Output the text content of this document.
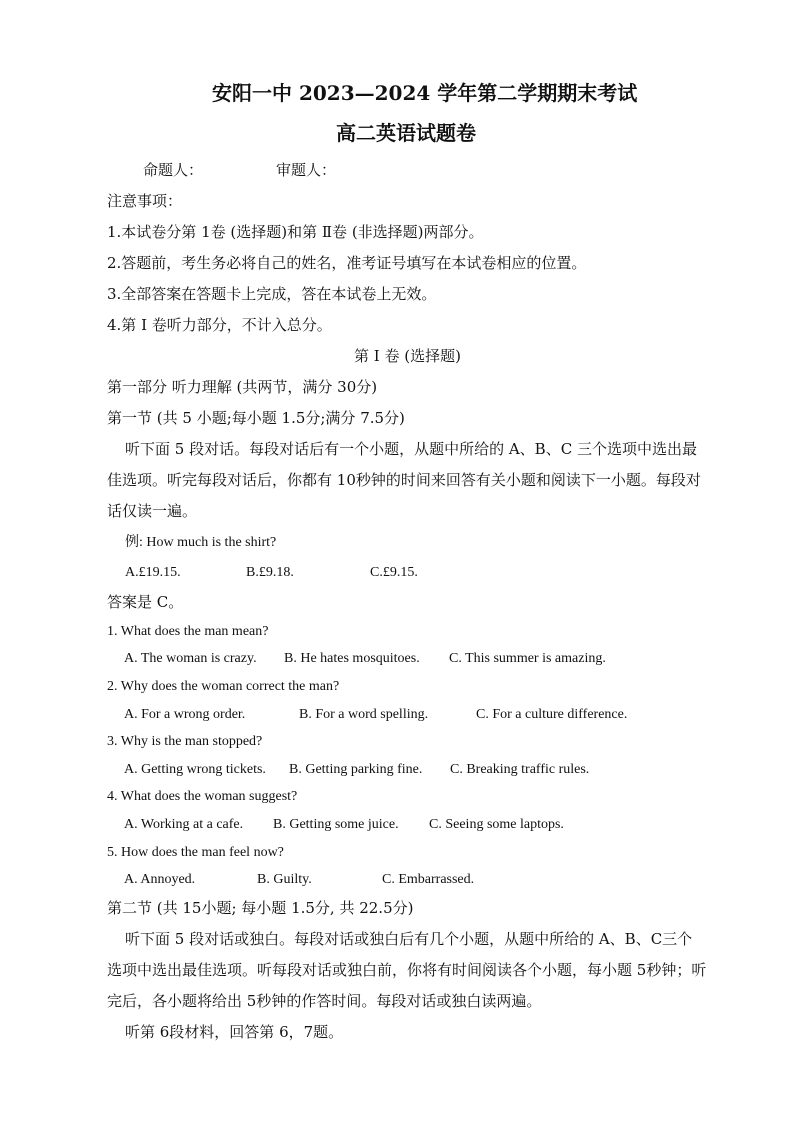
安阳一中 2023—2024 学年第二学期期末考试
高二英语试题卷
命题人：	审题人：
注意事项：
1.本试卷分第 1卷 (选择题)和第 Ⅱ卷 (非选择题)两部分。
2.答题前，考生务必将自己的姓名，准考证号填写在本试卷相应的位置。
3.全部答案在答题卡上完成，答在本试卷上无效。
4.第 I 卷听力部分，不计入总分。
第 Ⅰ 卷 (选择题)
第一部分 听力理解 (共两节，满分 30分)
第一节 (共 5 小题;每小题 1.5分;满分 7.5分)
听下面 5 段对话。每段对话后有一个小题，从题中所给的 A、B、C 三个选项中选出最
佳选项。听完每段对话后，你都有 10秒钟的时间来回答有关小题和阅读下一小题。每段对
话仅读一遍。
例: How much is the shirt?
A.£19.15.	B.£9.18.	C.£9.15.
答案是 C。
1. What does the man mean?
A. The woman is crazy. B. He hates mosquitoes. C. This summer is amazing.
2. Why does the woman correct the man?
A. For a wrong order.	B. For a word spelling.	C. For a culture difference.
3. Why is the man stopped?
A. Getting wrong tickets. B. Getting parking fine. C. Breaking traffic rules.
4. What does the woman suggest?
A. Working at a cafe. B. Getting some juice. C. Seeing some laptops.
5. How does the man feel now?
A. Annoyed.	B. Guilty.	C. Embarrassed.
第二节 (共 15小题; 每小题 1.5分, 共 22.5分)
听下面 5 段对话或独白。每段对话或独白后有几个小题，从题中所给的 A、B、C三个
选项中选出最佳选项。听每段对话或独白前，你将有时间阅读各个小题，每小题 5秒钟；听
完后，各小题将给出 5秒钟的作答时间。每段对话或独白读两遍。
听第 6段材料，回答第 6，7题。
